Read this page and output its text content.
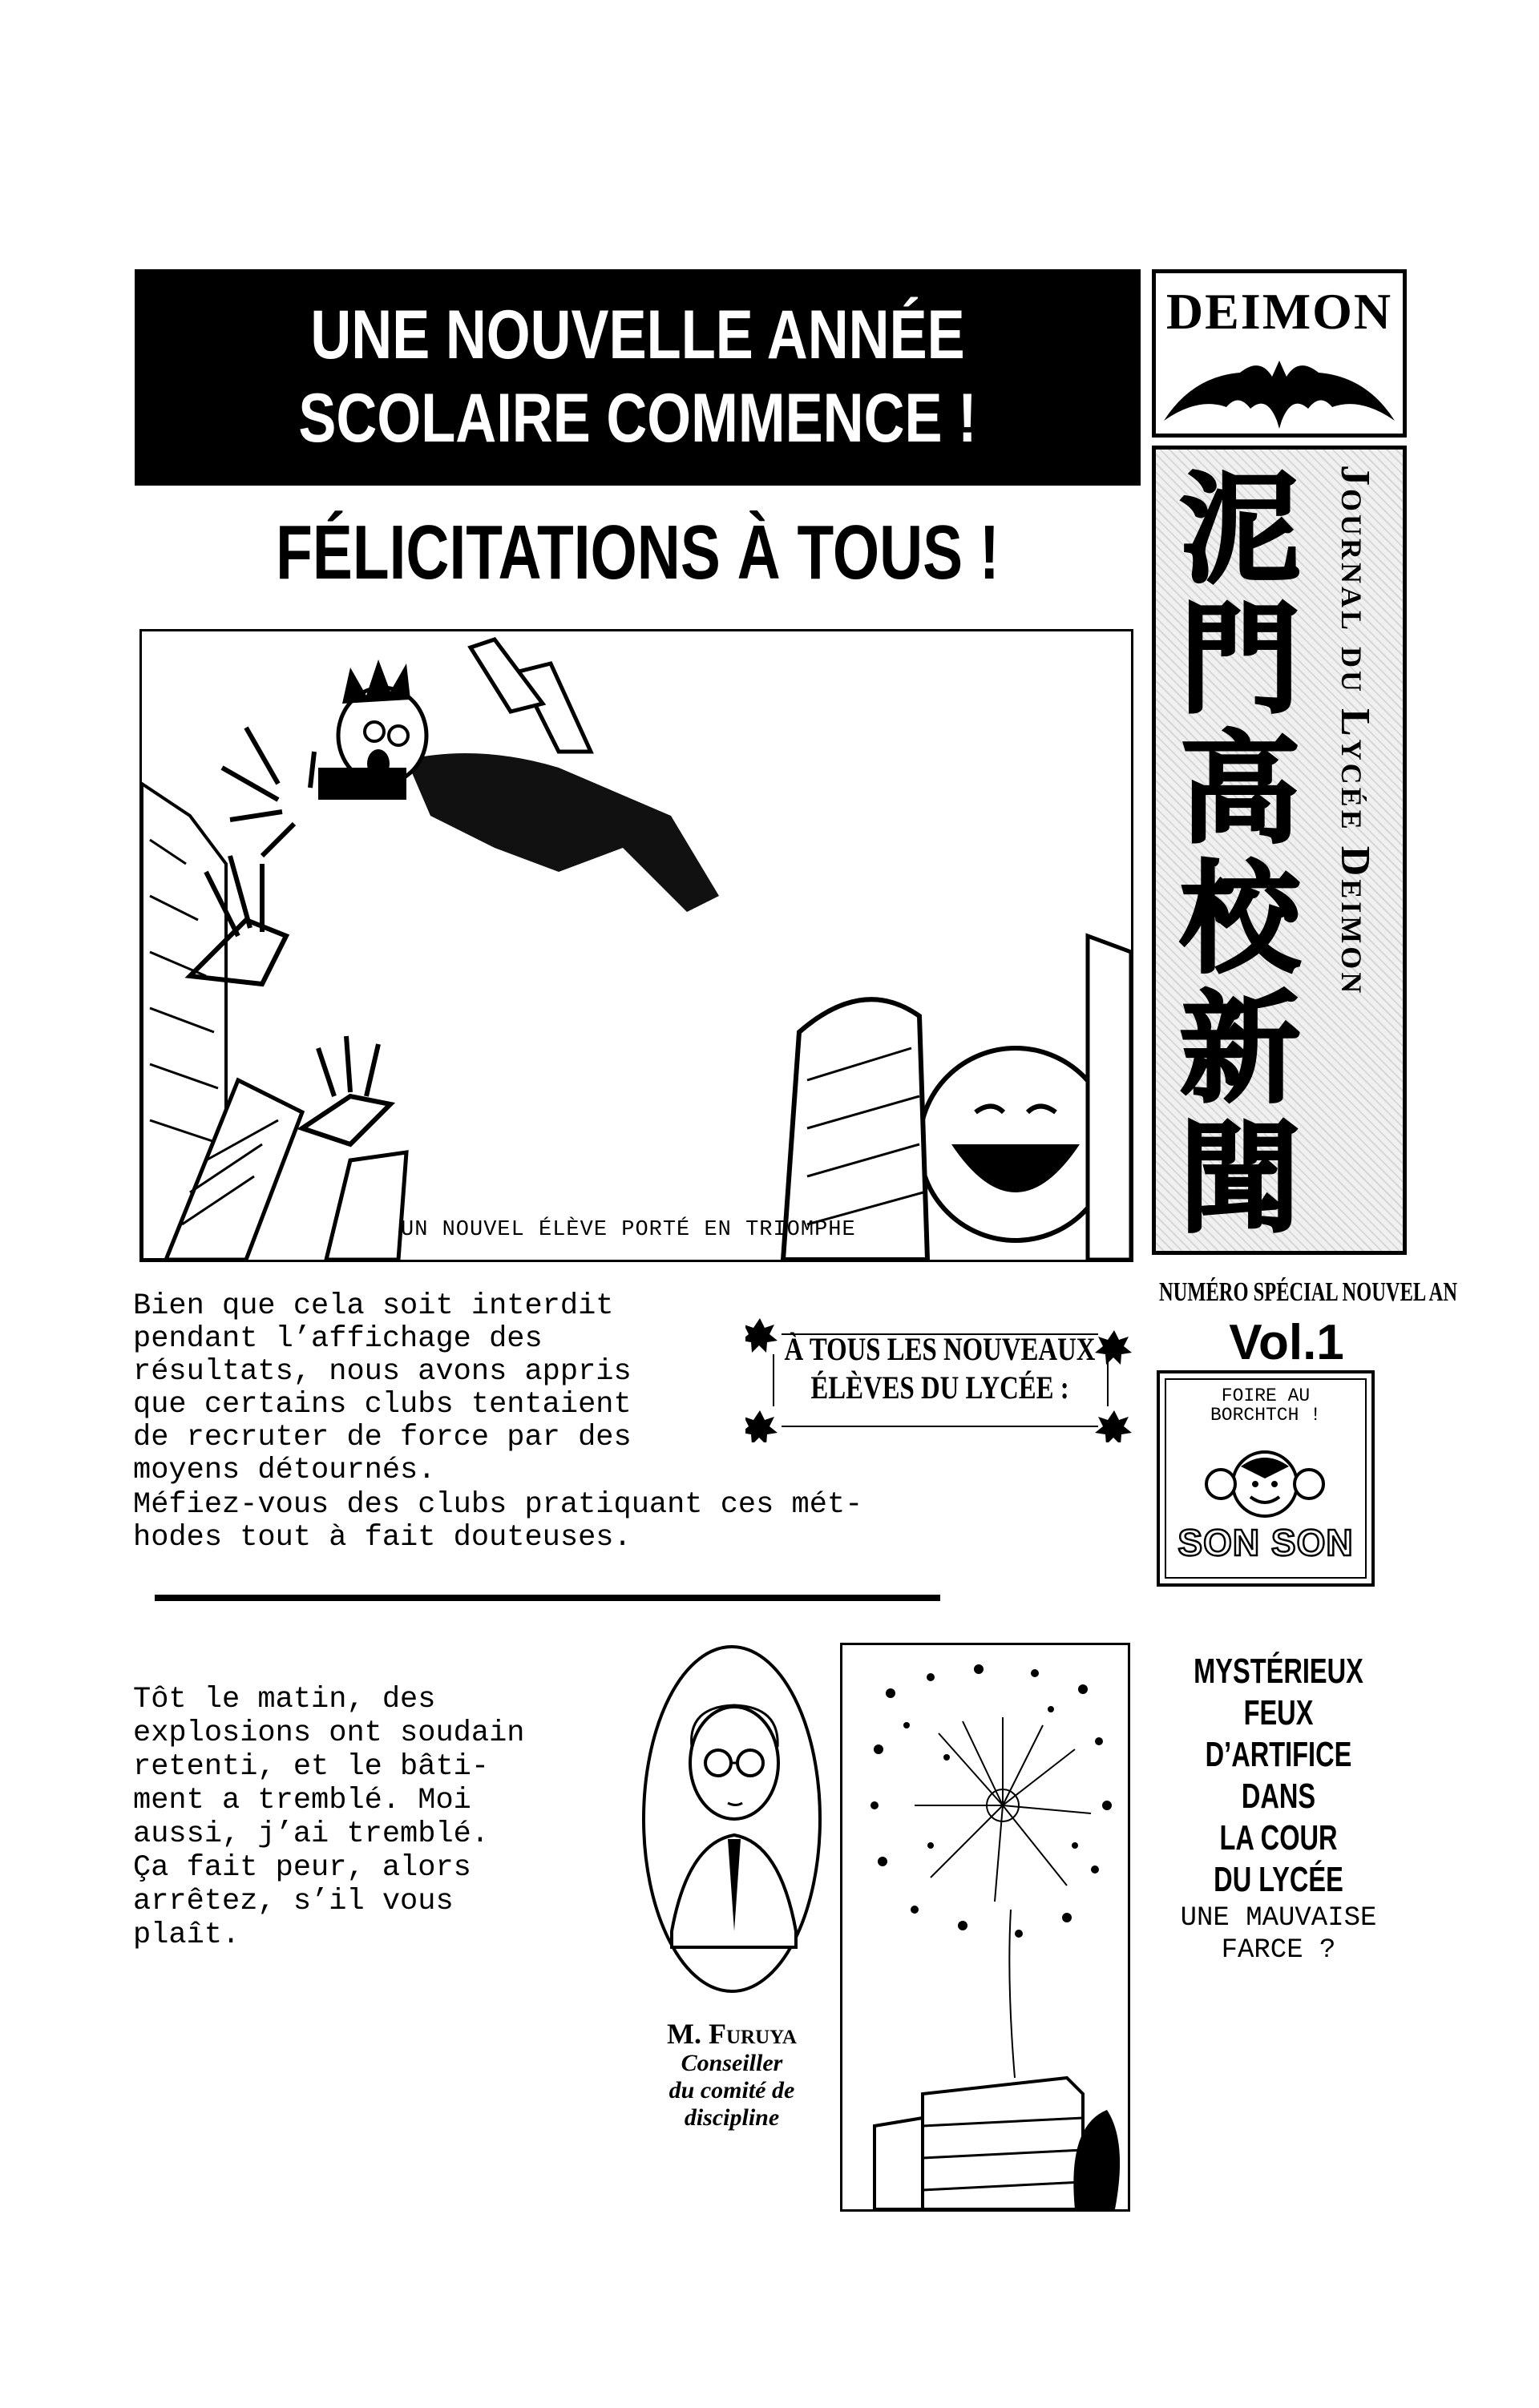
UNE NOUVELLE ANNÉE
SCOLAIRE COMMENCE !
FÉLICITATIONS À TOUS !
DEIMON
泥
門
高
校
新
聞
Journal du Lycée Deimon
UN NOUVEL ÉLÈVE PORTÉ EN TRIOMPHE
NUMÉRO SPÉCIAL NOUVEL AN
Vol.1
FOIRE AU
BORCHTCH !
SON SON
Bien que cela soit interdit
pendant l’affichage des
résultats, nous avons appris
que certains clubs tentaient
de recruter de force par des
moyens détournés.
Méfiez-vous des clubs pratiquant ces mét-
hodes tout à fait douteuses.
À TOUS LES NOUVEAUX
ÉLÈVES DU LYCÉE :
Tôt le matin, des
explosions ont soudain
retenti, et le bâti-
ment a tremblé. Moi
aussi, j’ai tremblé.
Ça fait peur, alors
arrêtez, s’il vous
plaît.
M. Furuya
Conseiller
du comité de
discipline
MYSTÉRIEUX
FEUX
D’ARTIFICE DANS
LA COUR
DU LYCÉE
UNE MAUVAISE
FARCE ?
